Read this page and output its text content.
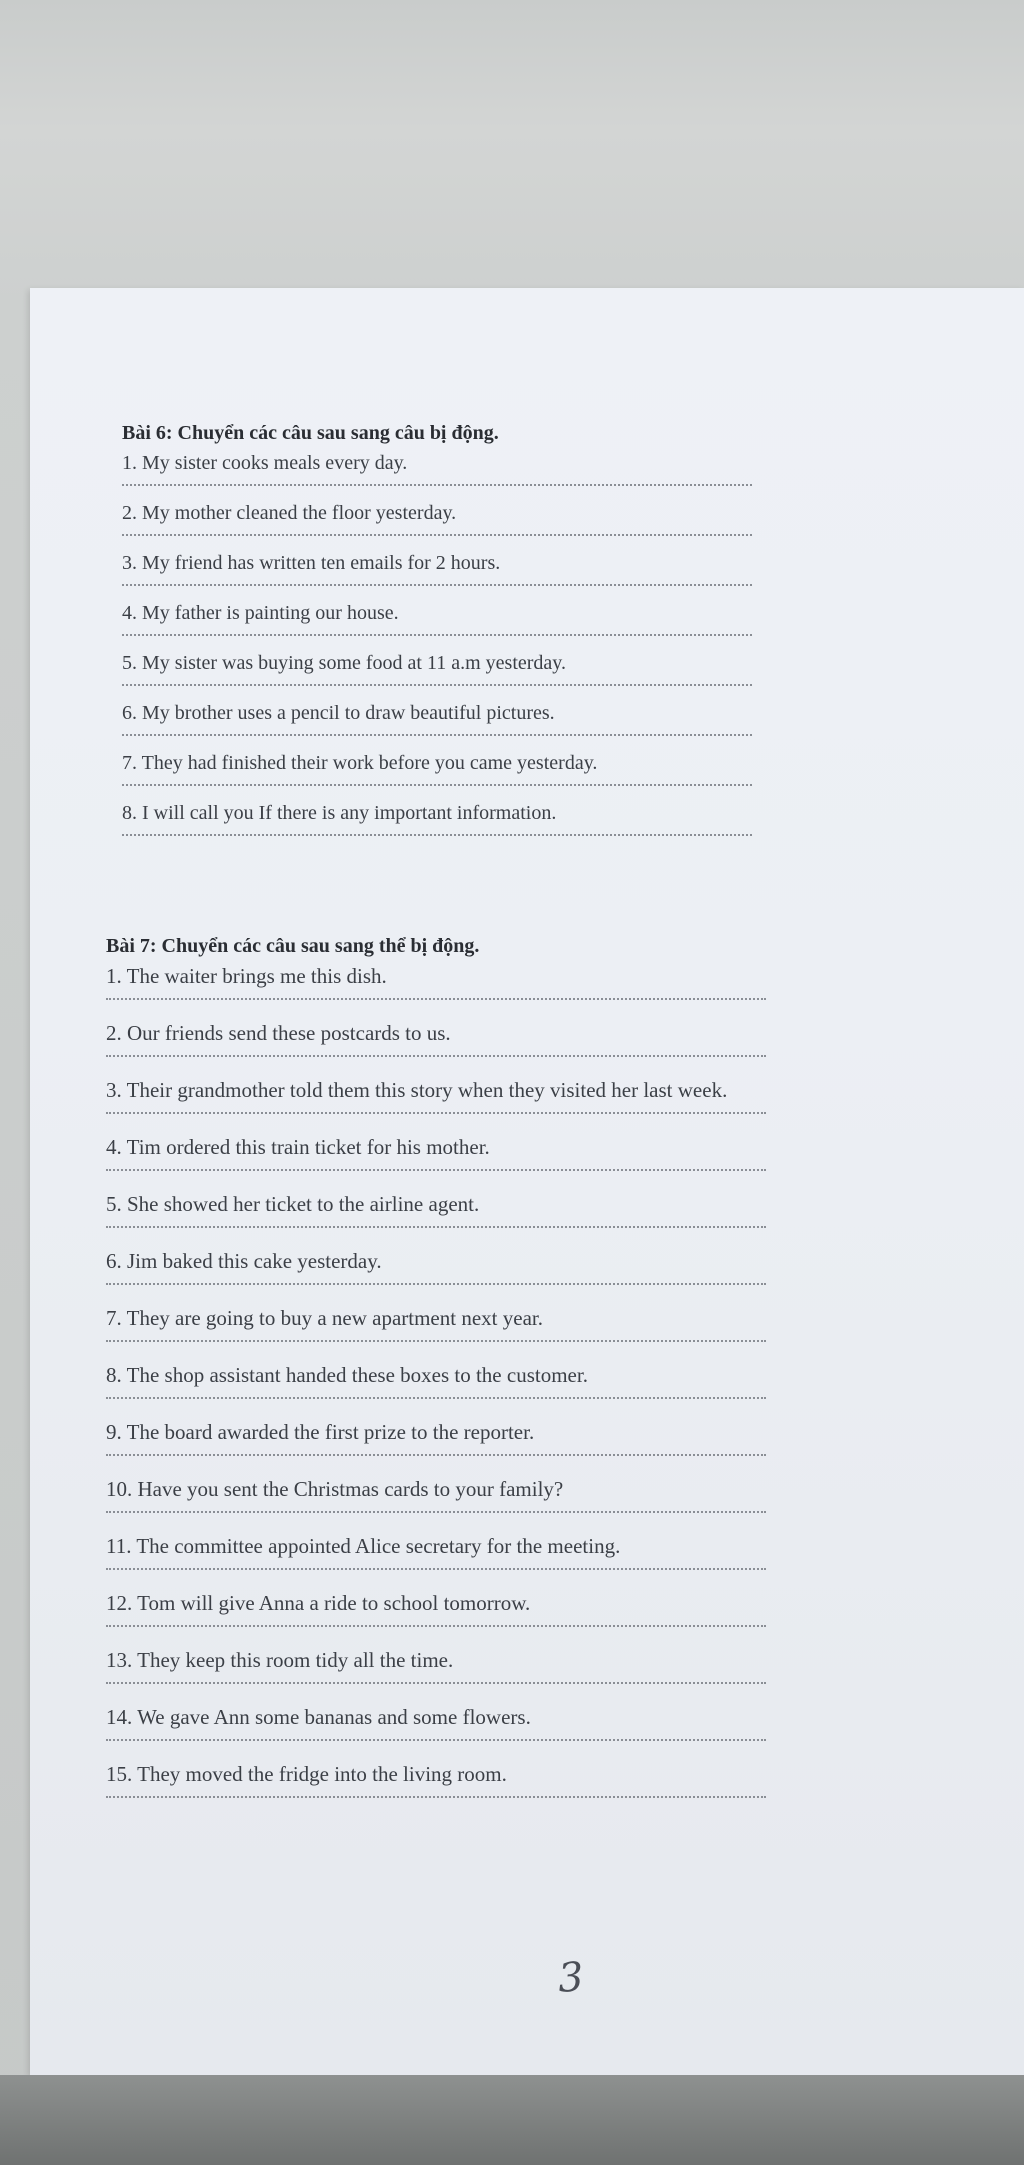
Bài 6: Chuyển các câu sau sang câu bị động.

1. My sister cooks meals every day.

2. My mother cleaned the floor yesterday.

3. My friend has written ten emails for 2 hours.

4. My father is painting our house.

5. My sister was buying some food at 11 a.m yesterday.

6. My brother uses a pencil to draw beautiful pictures.

7. They had finished their work before you came yesterday.

8. I will call you If there is any important information.

Bài 7: Chuyển các câu sau sang thể bị động.

1. The waiter brings me this dish.

2. Our friends send these postcards to us.

3. Their grandmother told them this story when they visited her last week.

4. Tim ordered this train ticket for his mother.

5. She showed her ticket to the airline agent.

6. Jim baked this cake yesterday.

7. They are going to buy a new apartment next year.

8. The shop assistant handed these boxes to the customer.

9. The board awarded the first prize to the reporter.

10. Have you sent the Christmas cards to your family?

11. The committee appointed Alice secretary for the meeting.

12. Tom will give Anna a ride to school tomorrow.

13. They keep this room tidy all the time.

14. We gave Ann some bananas and some flowers.

15. They moved the fridge into the living room.

3
